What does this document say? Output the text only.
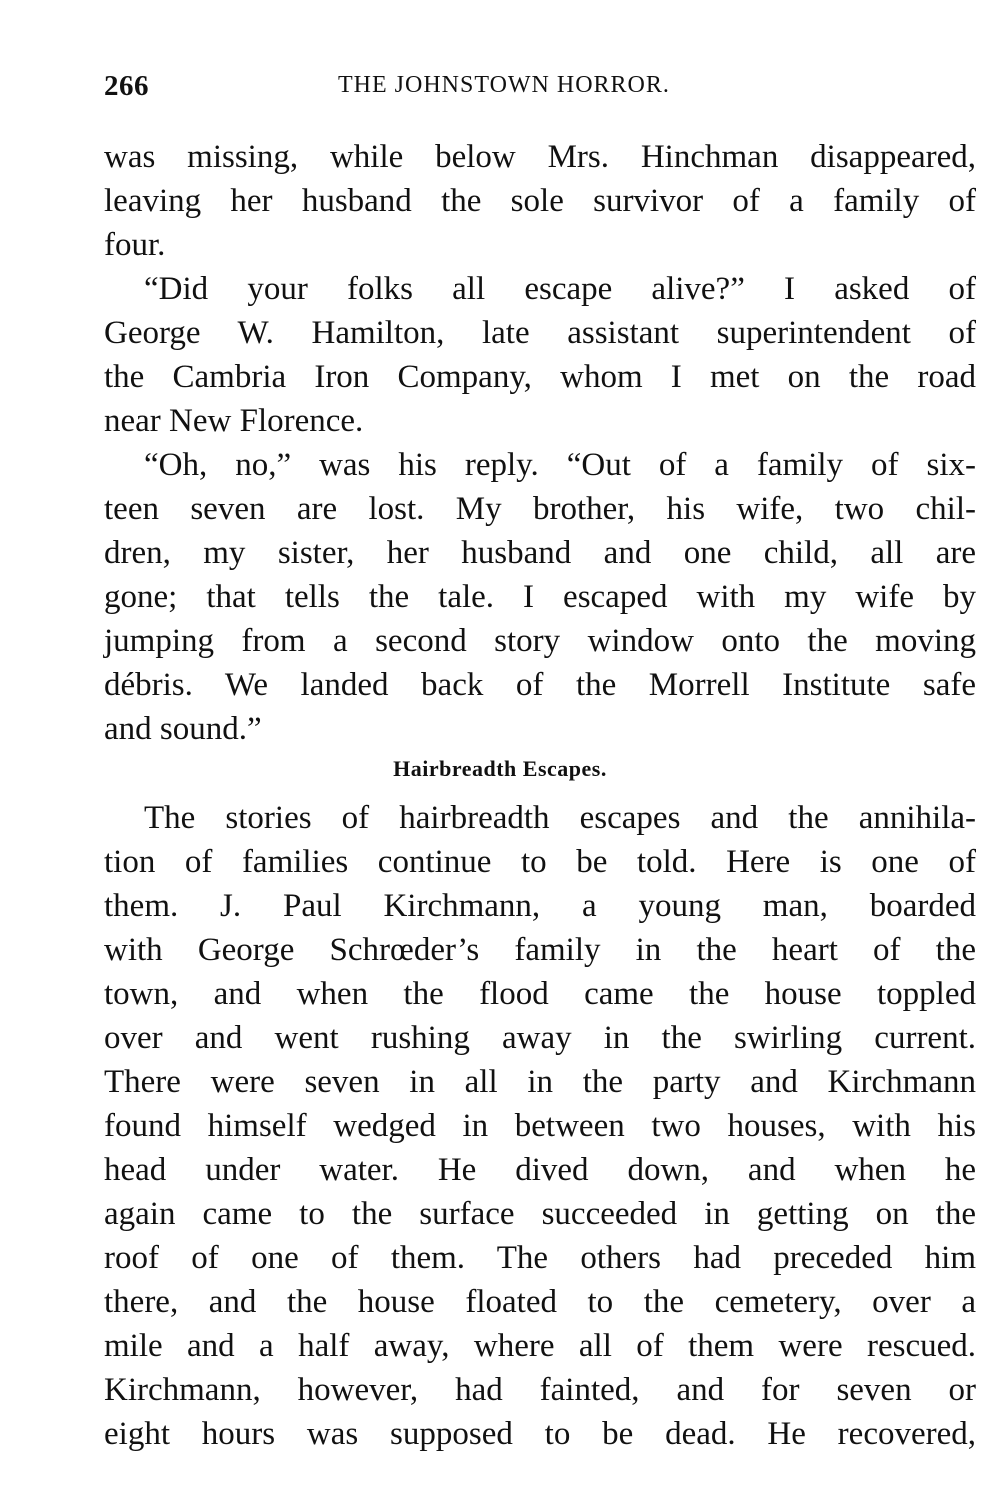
266	THE JOHNSTOWN HORROR.
was missing, while below Mrs. Hinchman disappeared,
leaving her husband the sole survivor of a family of
four.
“Did your folks all escape alive?” I asked of
George W. Hamilton, late assistant superintendent of
the Cambria Iron Company, whom I met on the road
near New Florence.
“Oh, no,” was his reply. “Out of a family of six-
teen seven are lost. My brother, his wife, two chil-
dren, my sister, her husband and one child, all are
gone; that tells the tale. I escaped with my wife by
jumping from a second story window onto the moving
débris. We landed back of the Morrell Institute safe
and sound.”
Hairbreadth Escapes.
The stories of hairbreadth escapes and the annihila-
tion of families continue to be told. Here is one of
them. J. Paul Kirchmann, a young man, boarded
with George Schrœder’s family in the heart of the
town, and when the flood came the house toppled
over and went rushing away in the swirling current.
There were seven in all in the party and Kirchmann
found himself wedged in between two houses, with his
head under water. He dived down, and when he
again came to the surface succeeded in getting on the
roof of one of them. The others had preceded him
there, and the house floated to the cemetery, over a
mile and a half away, where all of them were rescued.
Kirchmann, however, had fainted, and for seven or
eight hours was supposed to be dead. He recovered,
